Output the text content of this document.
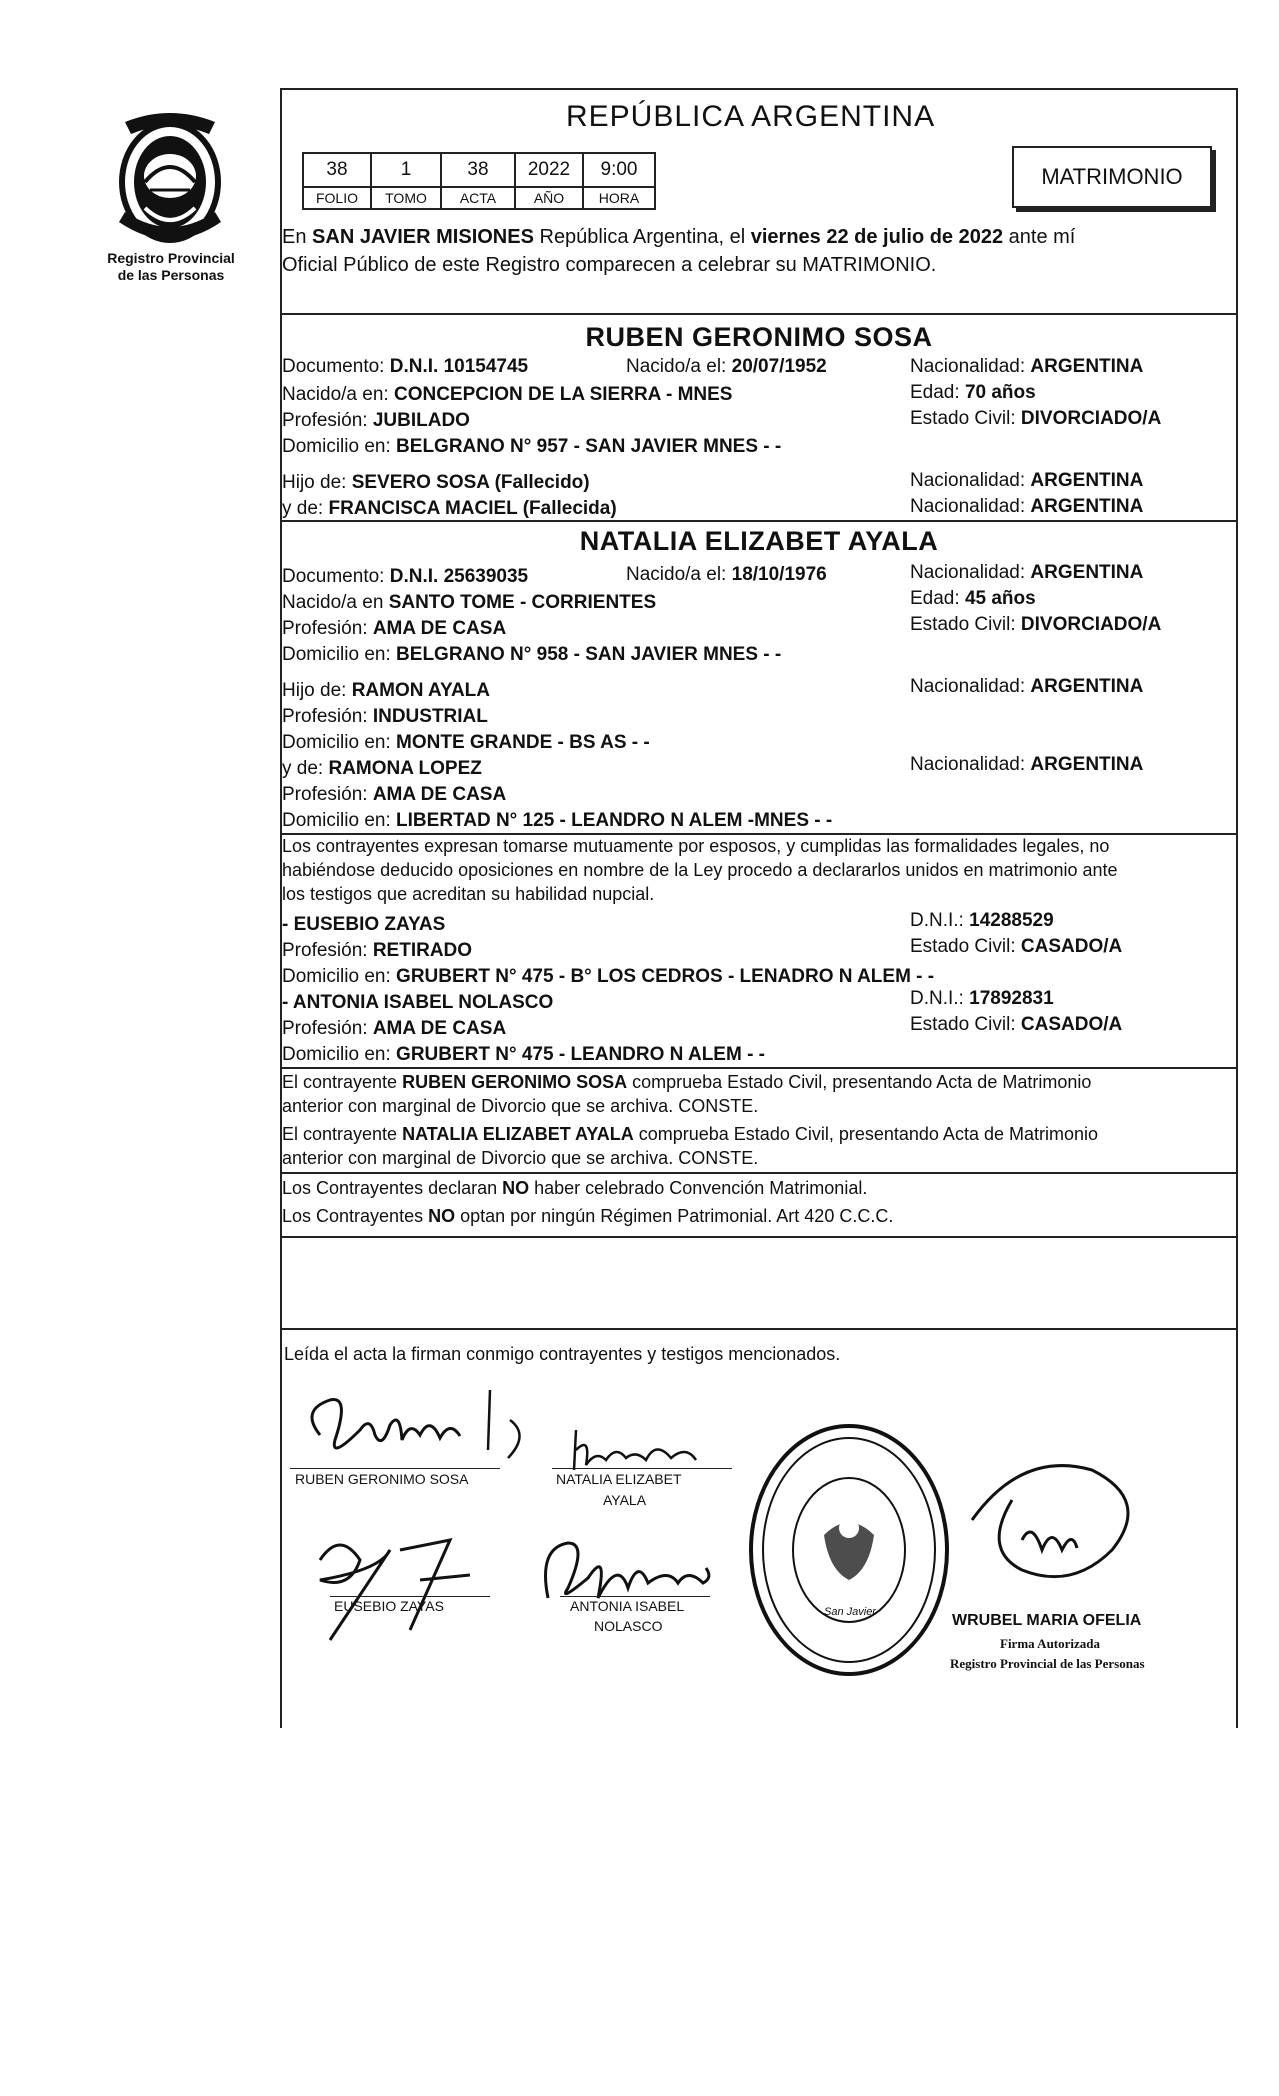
Registro Provincial
de las Personas
REPÚBLICA ARGENTINA
38	1	38	2022	9:00
FOLIO	TOMO	ACTA	AÑO	HORA
MATRIMONIO
En SAN JAVIER MISIONES República Argentina, el viernes 22 de julio de 2022 ante mí
Oficial Público de este Registro comparecen a celebrar su MATRIMONIO.
RUBEN GERONIMO SOSA
Documento: D.N.I. 10154745	Nacido/a el: 20/07/1952	Nacionalidad: ARGENTINA
Nacido/a en: CONCEPCION DE LA SIERRA - MNES	Edad: 70 años
Profesión: JUBILADO	Estado Civil: DIVORCIADO/A
Domicilio en: BELGRANO N° 957 - SAN JAVIER MNES - -
Hijo de: SEVERO SOSA (Fallecido)	Nacionalidad: ARGENTINA
y de: FRANCISCA MACIEL (Fallecida)	Nacionalidad: ARGENTINA
NATALIA ELIZABET AYALA
Documento: D.N.I. 25639035	Nacido/a el: 18/10/1976	Nacionalidad: ARGENTINA
Nacido/a en SANTO TOME - CORRIENTES	Edad: 45 años
Profesión: AMA DE CASA	Estado Civil: DIVORCIADO/A
Domicilio en: BELGRANO N° 958 - SAN JAVIER MNES - -
Hijo de: RAMON AYALA	Nacionalidad: ARGENTINA
Profesión: INDUSTRIAL
Domicilio en: MONTE GRANDE - BS AS - -
y de: RAMONA LOPEZ	Nacionalidad: ARGENTINA
Profesión: AMA DE CASA
Domicilio en: LIBERTAD N° 125 - LEANDRO N ALEM -MNES - -
Los contrayentes expresan tomarse mutuamente por esposos, y cumplidas las formalidades legales, no
habiéndose deducido oposiciones en nombre de la Ley procedo a declararlos unidos en matrimonio ante
los testigos que acreditan su habilidad nupcial.
- EUSEBIO ZAYAS	D.N.I.: 14288529
Profesión: RETIRADO	Estado Civil: CASADO/A
Domicilio en: GRUBERT N° 475 - B° LOS CEDROS - LENADRO N ALEM - -
- ANTONIA ISABEL NOLASCO	D.N.I.: 17892831
Profesión: AMA DE CASA	Estado Civil: CASADO/A
Domicilio en: GRUBERT N° 475 - LEANDRO N ALEM - -
El contrayente RUBEN GERONIMO SOSA comprueba Estado Civil, presentando Acta de Matrimonio
anterior con marginal de Divorcio que se archiva. CONSTE.
El contrayente NATALIA ELIZABET AYALA comprueba Estado Civil, presentando Acta de Matrimonio
anterior con marginal de Divorcio que se archiva. CONSTE.
Los Contrayentes declaran NO haber celebrado Convención Matrimonial.
Los Contrayentes NO optan por ningún Régimen Patrimonial. Art 420 C.C.C.
Leída el acta la firman conmigo contrayentes y testigos mencionados.
RUBEN GERONIMO SOSA	NATALIA ELIZABET
AYALA
EUSEBIO ZAYAS	ANTONIA ISABEL
NOLASCO
San Javier	WRUBEL MARIA OFELIA
Firma Autorizada
Registro Provincial de las Personas
